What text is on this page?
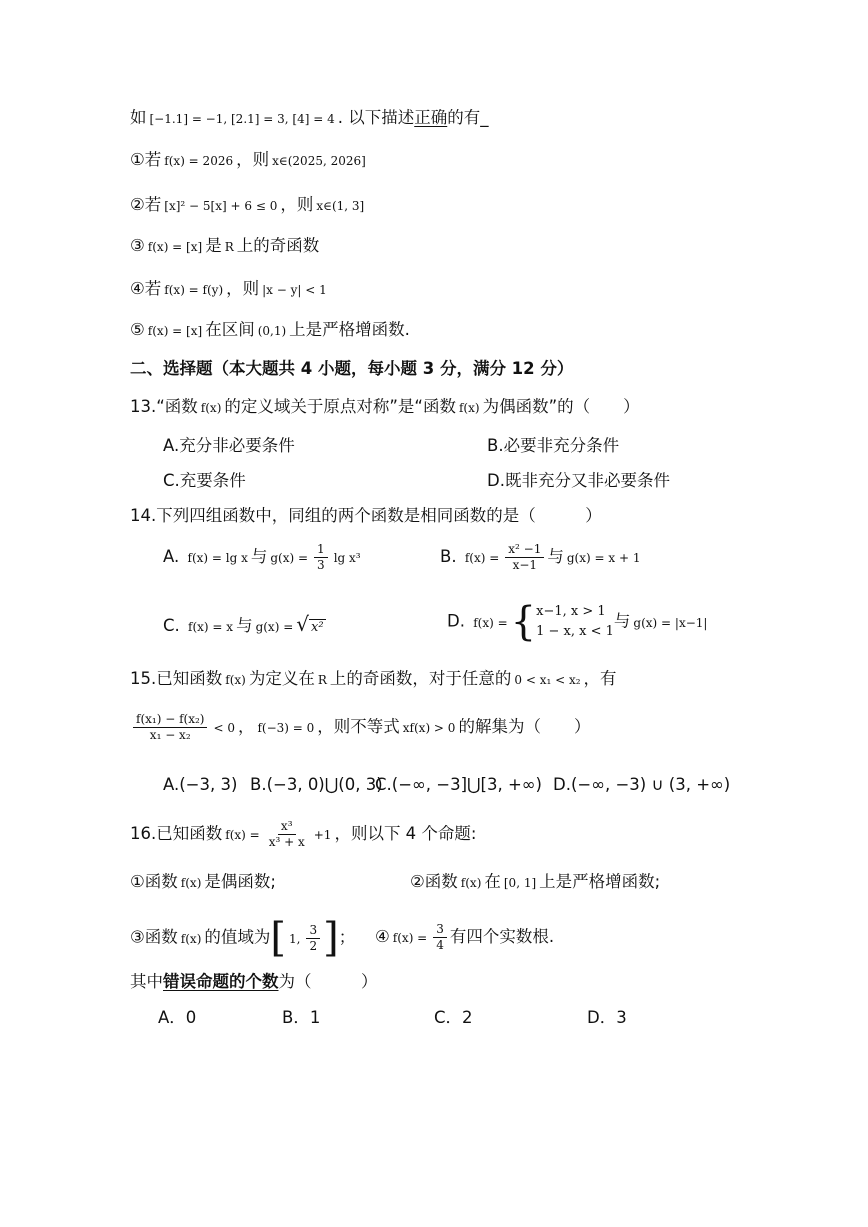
如 [−1.1] = −1, [2.1] = 3, [4] = 4 . 以下描述正确的有_
①若 f(x) = 2026 ，则 x∈(2025, 2026]
②若 [x]² − 5[x] + 6 ≤ 0 ，则 x∈(1, 3]
③ f(x) = [x] 是 R 上的奇函数
④若 f(x) = f(y) ，则 |x − y| < 1
⑤ f(x) = [x] 在区间 (0,1) 上是严格增函数.
二、选择题（本大题共 4 小题，每小题 3 分，满分 12 分）
13.“函数 f(x) 的定义域关于原点对称”是“函数 f(x) 为偶函数”的（　　）
A.充分非必要条件	B.必要非充分条件
C.充要条件	D.既非充分又非必要条件
14.下列四组函数中，同组的两个函数是相同函数的是（　　　）
A. f(x) = lg x 与 $g(x) = \frac{1}{3}$ lg x³	B. $f(x) = \frac{\text{x² −1}}{x-1}$ 与 g(x) = x + 1
C. f(x) = x 与 g(x) = √ x²	D. f(x) ={ x−1, x > 1
1 − x, x < 1
与 g(x) = |x−1|
15.已知函数 f(x) 为定义在 R 上的奇函数，对于任意的 0 < x₁ < x₂ ，有
$\frac{\text{f(x₁) − f(x₂)}}{\text{x₁ − x₂}} < 0$ ， f(−3) = 0 ，则不等式 xf(x) > 0 的解集为（　　）
A.(−3, 3) B.(−3, 0)⋃(0, 3)
C.(−∞, −3]⋃[3, +∞) D.(−∞, −3) ∪ (3, +∞)
16.已知函数 $f(x) = \frac{\text{x³}}{\text{x³ + x}} +1$ ，则以下 4 个命题:
①函数 f(x) 是偶函数;	②函数 f(x) 在 [0, 1] 上是严格增函数;
③函数 f(x) 的值域为[ 1, $\frac{3}{2}$ ]； ④ $f(x) = \frac{3}{4}$ 有四个实数根.
其中错误命题的个数为（　　　）
A．0	B．1	C．2	D．3
